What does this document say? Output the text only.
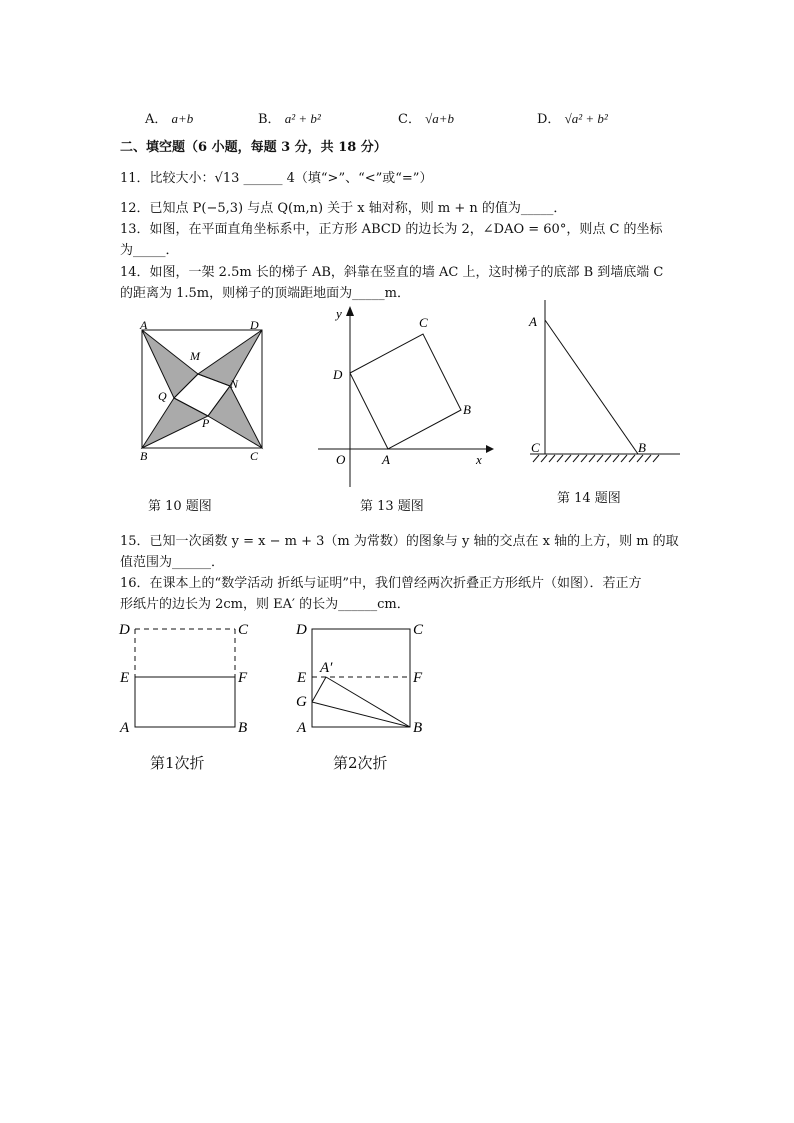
A． a+b	B． a² + b²	C． √a+b	D． √a² + b²
二、填空题（6 小题，每题 3 分，共 18 分）
11．比较大小：√13 ______ 4（填“>”、“<”或“=”）
12．已知点 P(−5,3) 与点 Q(m,n) 关于 x 轴对称，则 m + n 的值为_____．
13．如图，在平面直角坐标系中，正方形 ABCD 的边长为 2，∠DAO = 60°，则点 C 的坐标
为_____．
14．如图，一架 2.5m 长的梯子 AB，斜靠在竖直的墙 AC 上，这时梯子的底部 B 到墙底端 C
的距离为 1.5m，则梯子的顶端距地面为_____m．
A	D
B	C
M
N
Q
P
第 10 题图
y
x
O	A
B
C
D
第 13 题图
A
C	B
第 14 题图
15．已知一次函数 y = x − m + 3（m 为常数）的图象与 y 轴的交点在 x 轴的上方，则 m 的取
值范围为______．
16．在课本上的“数学活动 折纸与证明”中，我们曾经两次折叠正方形纸片（如图）．若正方
形纸片的边长为 2cm，则 EA′ 的长为______cm．
D	C
E	F
A	B
第1次折
D	C
A′
E	F
G
A	B
第2次折
